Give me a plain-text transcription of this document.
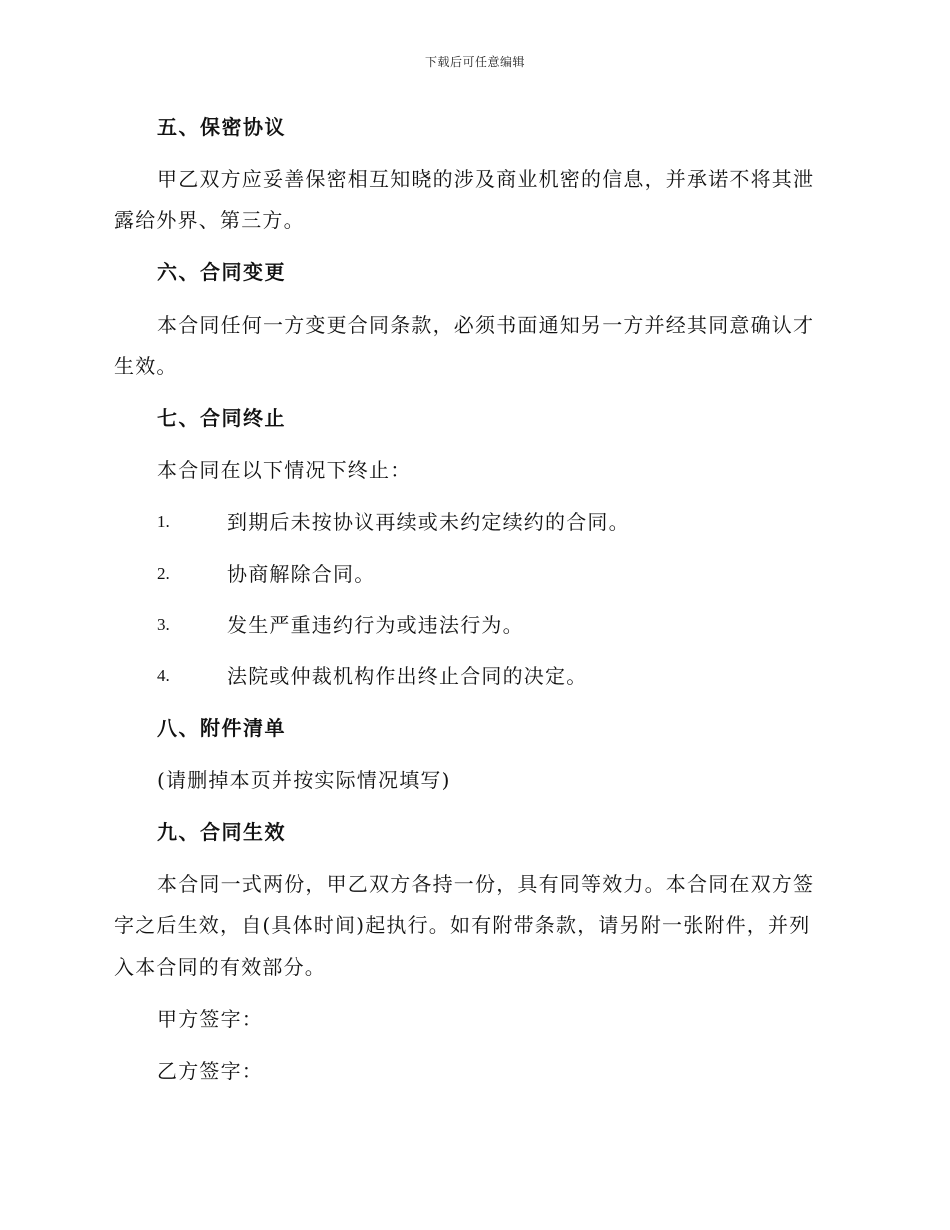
下载后可任意编辑
五、保密协议
甲乙双方应妥善保密相互知晓的涉及商业机密的信息，并承诺不将其泄
露给外界、第三方。
六、合同变更
本合同任何一方变更合同条款，必须书面通知另一方并经其同意确认才
生效。
七、合同终止
本合同在以下情况下终止：
1.	到期后未按协议再续或未约定续约的合同。
2.	协商解除合同。
3.	发生严重违约行为或违法行为。
4.	法院或仲裁机构作出终止合同的决定。
八、附件清单
(请删掉本页并按实际情况填写)
九、合同生效
本合同一式两份，甲乙双方各持一份，具有同等效力。本合同在双方签
字之后生效，自(具体时间)起执行。如有附带条款，请另附一张附件，并列
入本合同的有效部分。
甲方签字：
乙方签字：
